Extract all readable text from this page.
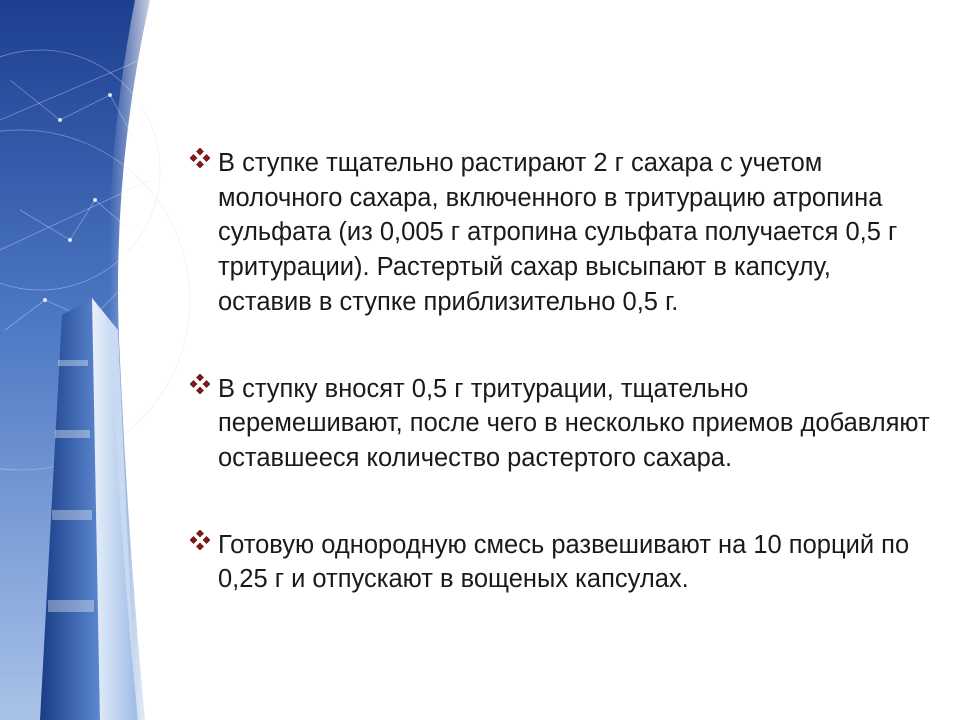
В ступке тщательно растирают 2 г сахара с учетом молочного сахара, включенного в тритурацию атропина сульфата (из 0,005 г атропина сульфата получается 0,5 г тритурации). Растертый сахар высыпают в капсулу, оставив в ступке приблизительно 0,5 г.
В ступку вносят 0,5 г тритурации, тщательно перемешивают, после чего в несколько приемов добавляют оставшееся количество растертого сахара.
Готовую однородную смесь развешивают на 10 порций по 0,25 г и отпускают в вощеных капсулах.
